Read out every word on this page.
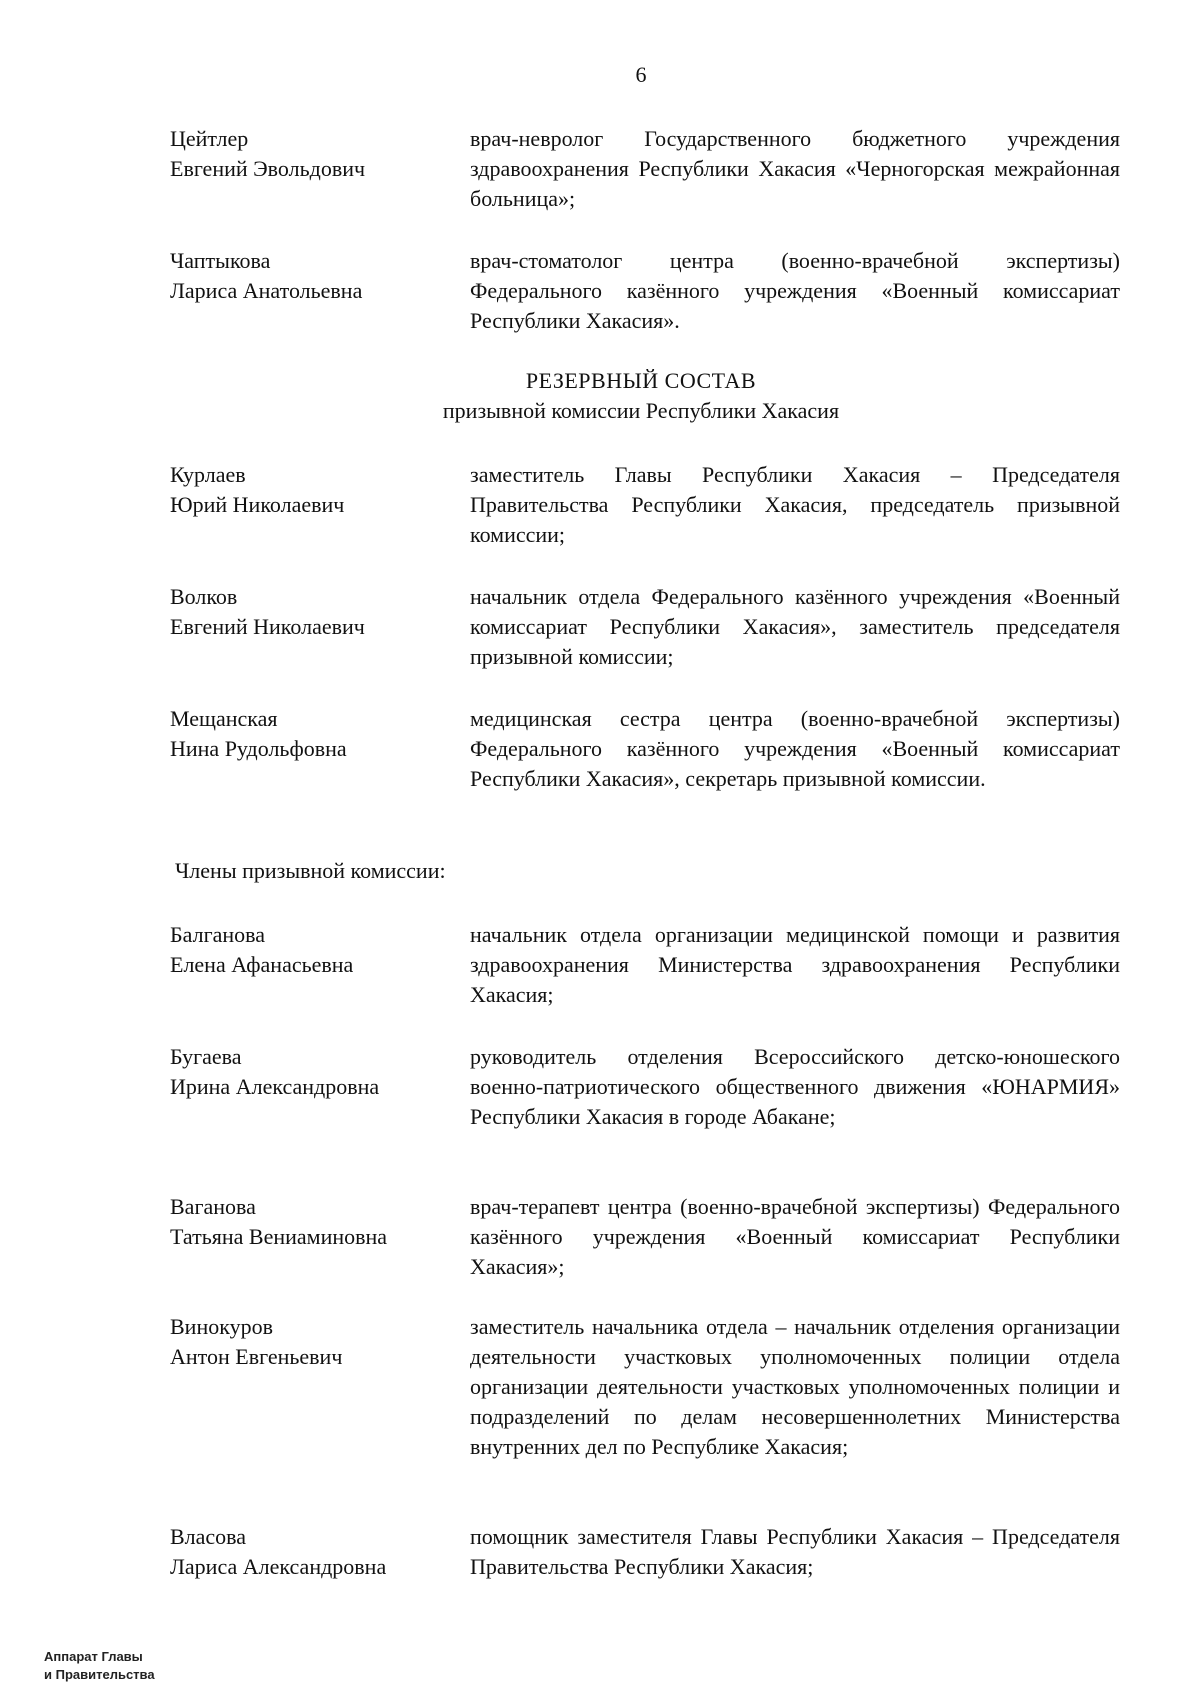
6
Цейтлер
Евгений Эвольдович
врач-невролог Государственного бюджетного учреждения здравоохранения Республики Хакасия «Черногорская межрайонная больница»;
Чаптыкова
Лариса Анатольевна
врач-стоматолог центра (военно-врачебной экспертизы) Федерального казённого учреждения «Военный комиссариат Республики Хакасия».
РЕЗЕРВНЫЙ СОСТАВ
призывной комиссии Республики Хакасия
Курлаев
Юрий Николаевич
заместитель Главы Республики Хакасия – Председателя Правительства Республики Хакасия, председатель призывной комиссии;
Волков
Евгений Николаевич
начальник отдела Федерального казённого учреждения «Военный комиссариат Республики Хакасия», заместитель председателя призывной комиссии;
Мещанская
Нина Рудольфовна
медицинская сестра центра (военно-врачебной экспертизы) Федерального казённого учреждения «Военный комиссариат Республики Хакасия», секретарь призывной комиссии.
Члены призывной комиссии:
Балганова
Елена Афанасьевна
начальник отдела организации медицинской помощи и развития здравоохранения Министерства здравоохранения Республики Хакасия;
Бугаева
Ирина Александровна
руководитель отделения Всероссийского детско-юношеского военно-патриотического общественного движения «ЮНАРМИЯ» Республики Хакасия в городе Абакане;
Ваганова
Татьяна Вениаминовна
врач-терапевт центра (военно-врачебной экспертизы) Федерального казённого учреждения «Военный комиссариат Республики Хакасия»;
Винокуров
Антон Евгеньевич
заместитель начальника отдела – начальник отделения организации деятельности участковых уполномоченных полиции отдела организации деятельности участковых уполномоченных полиции и подразделений по делам несовершеннолетних Министерства внутренних дел по Республике Хакасия;
Власова
Лариса Александровна
помощник заместителя Главы Республики Хакасия – Председателя Правительства Республики Хакасия;
Аппарат Главы
и Правительства
